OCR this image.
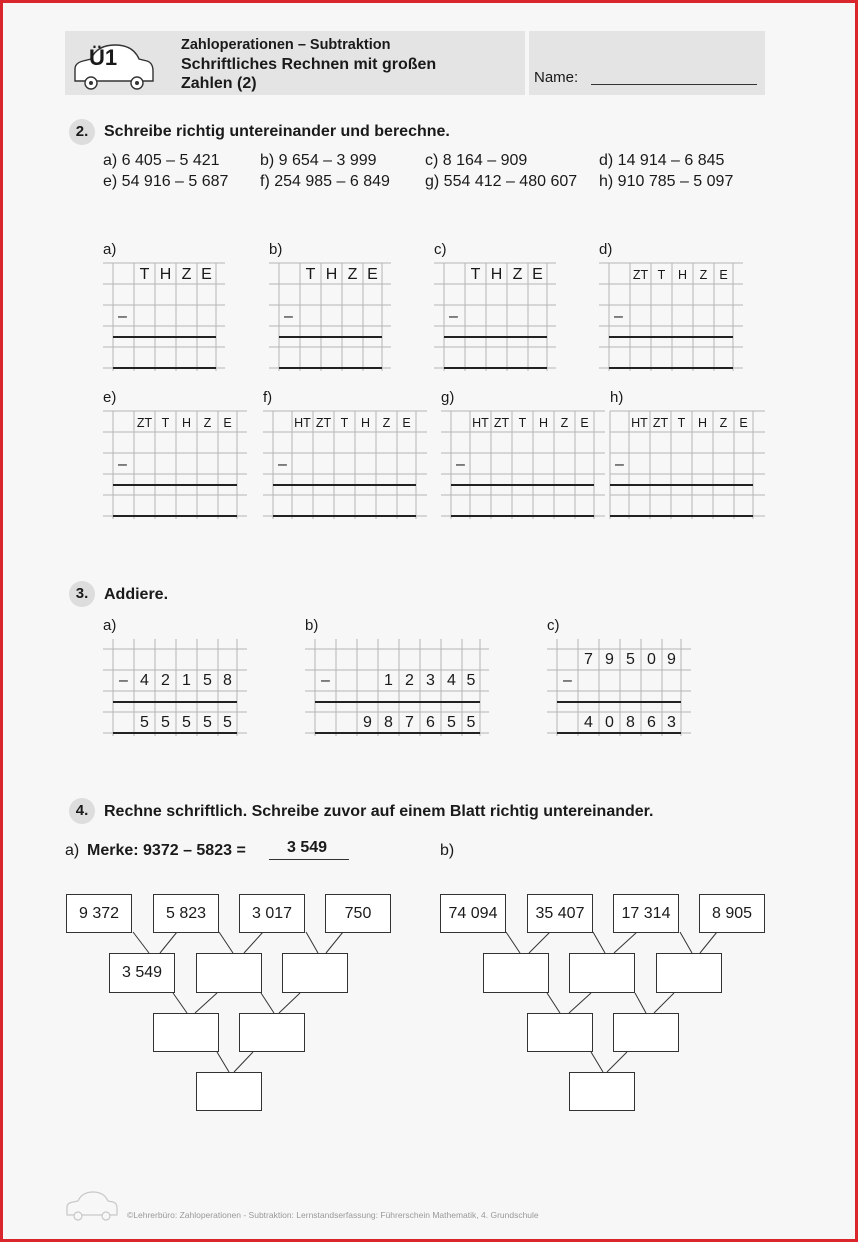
Ü1	Zahloperationen – Subtraktion
Schriftliches Rechnen mit großen
Zahlen (2)	Name:
2. Schreibe richtig untereinander und berechne.
a) 6 405 – 5 421	b) 9 654 – 3 999	c) 8 164 – 909	d) 14 914 – 6 845
e) 54 916 – 5 687 f) 254 985 – 6 849 g) 554 412 – 480 607 h) 910 785 – 5 097
a)	b)	c)	d)
e)	f)	g)	h)
T H Z E
–
T H Z E
–
T H Z E
–
ZT T	H	Z E
–
ZT T	H	Z E
–
HT ZT T	H	Z E
–
HT ZT T	H	Z E
–
HT ZT T	H	Z E
–
3. Addiere.
a)	b)	c)
– 4 2 1 5 8
5 5 5 5 5
–	1 2 3 4 5
9 8 7 6 5 5
7 9 5 0 9
–
4 0 8 6 3
4. Rechne schriftlich. Schreibe zuvor auf einem Blatt richtig untereinander.
a) Merke: 9372 – 5823 =	3 549	b)
9 372	5 823	3 017	750
3 549
74 094	35 407	17 314	8 905
©Lehrerbüro: Zahloperationen - Subtraktion: Lernstandserfassung: Führerschein Mathematik, 4. Grundschule
